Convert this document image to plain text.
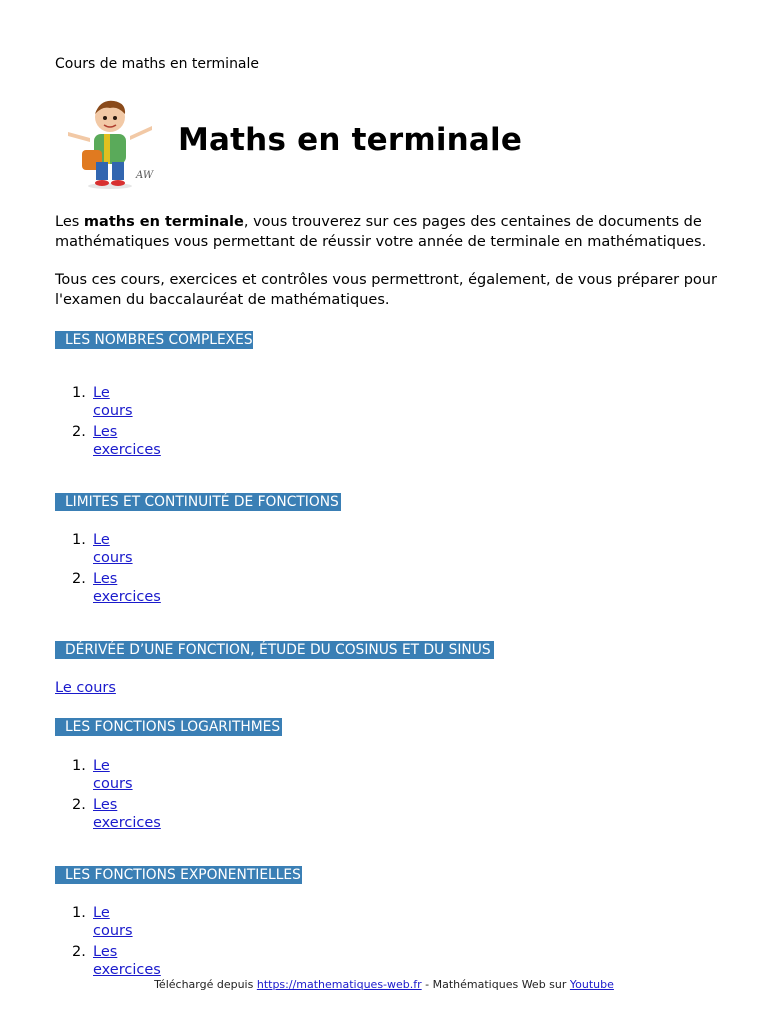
Cours de maths en terminale
AW
Maths en terminale

Les maths en terminale, vous trouverez sur ces pages des centaines de documents de mathématiques vous permettant de réussir votre année de terminale en mathématiques.

Tous ces cours, exercices et contrôles vous permettront, également, de vous préparer pour l'examen du baccalauréat de mathématiques.

LES NOMBRES COMPLEXES
1. Le cours
2. Les exercices
LIMITES ET CONTINUITÉ DE FONCTIONS
1. Le cours
2. Les exercices
DÉRIVÉE D’UNE FONCTION, ÉTUDE DU COSINUS ET DU SINUS
Le cours
LES FONCTIONS LOGARITHMES
1. Le cours
2. Les exercices
LES FONCTIONS EXPONENTIELLES
1. Le cours
2. Les exercices
Téléchargé depuis https://mathematiques-web.fr - Mathématiques Web sur Youtube
